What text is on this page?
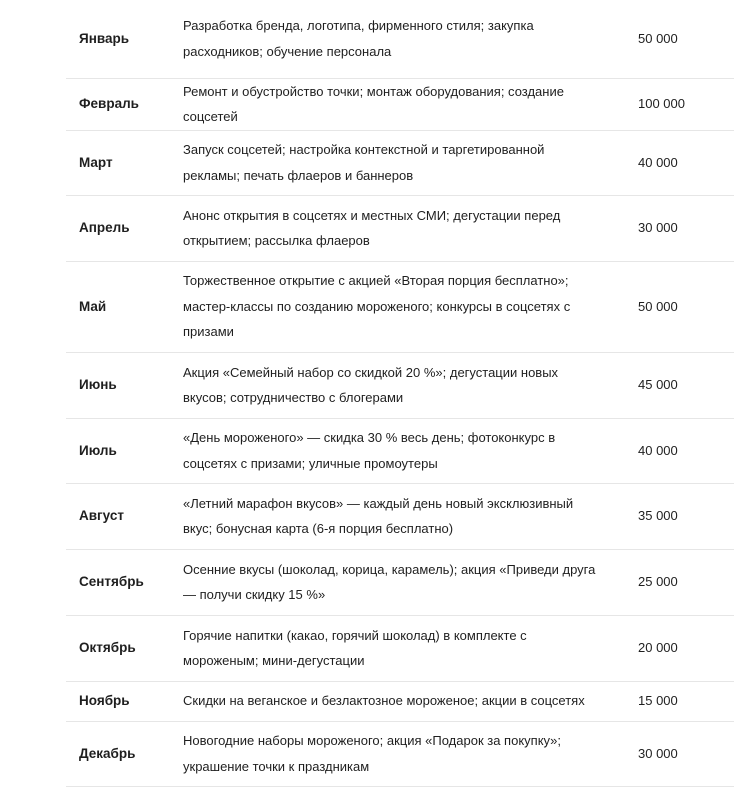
Январь	Разработка бренда, логотипа, фирменного стиля; закупка расходников; обучение персонала	50 000
Февраль	Ремонт и обустройство точки; монтаж оборудования; создание соцсетей	100 000
Март	Запуск соцсетей; настройка контекстной и таргетированной рекламы; печать флаеров и баннеров	40 000
Апрель	Анонс открытия в соцсетях и местных СМИ; дегустации перед открытием; рассылка флаеров	30 000
Май	Торжественное открытие с акцией «Вторая порция бесплатно»; мастер-классы по созданию мороженого; конкурсы в соцсетях с призами	50 000
Июнь	Акция «Семейный набор со скидкой 20 %»; дегустации новых вкусов; сотрудничество с блогерами	45 000
Июль	«День мороженого» — скидка 30 % весь день; фотоконкурс в соцсетях с призами; уличные промоутеры	40 000
Август	«Летний марафон вкусов» — каждый день новый эксклюзивный вкус; бонусная карта (6-я порция бесплатно)	35 000
Сентябрь	Осенние вкусы (шоколад, корица, карамель); акция «Приведи друга — получи скидку 15 %»	25 000
Октябрь	Горячие напитки (какао, горячий шоколад) в комплекте с мороженым; мини-дегустации	20 000
Ноябрь	Скидки на веганское и безлактозное мороженое; акции в соцсетях	15 000
Декабрь	Новогодние наборы мороженого; акция «Подарок за покупку»; украшение точки к праздникам	30 000
